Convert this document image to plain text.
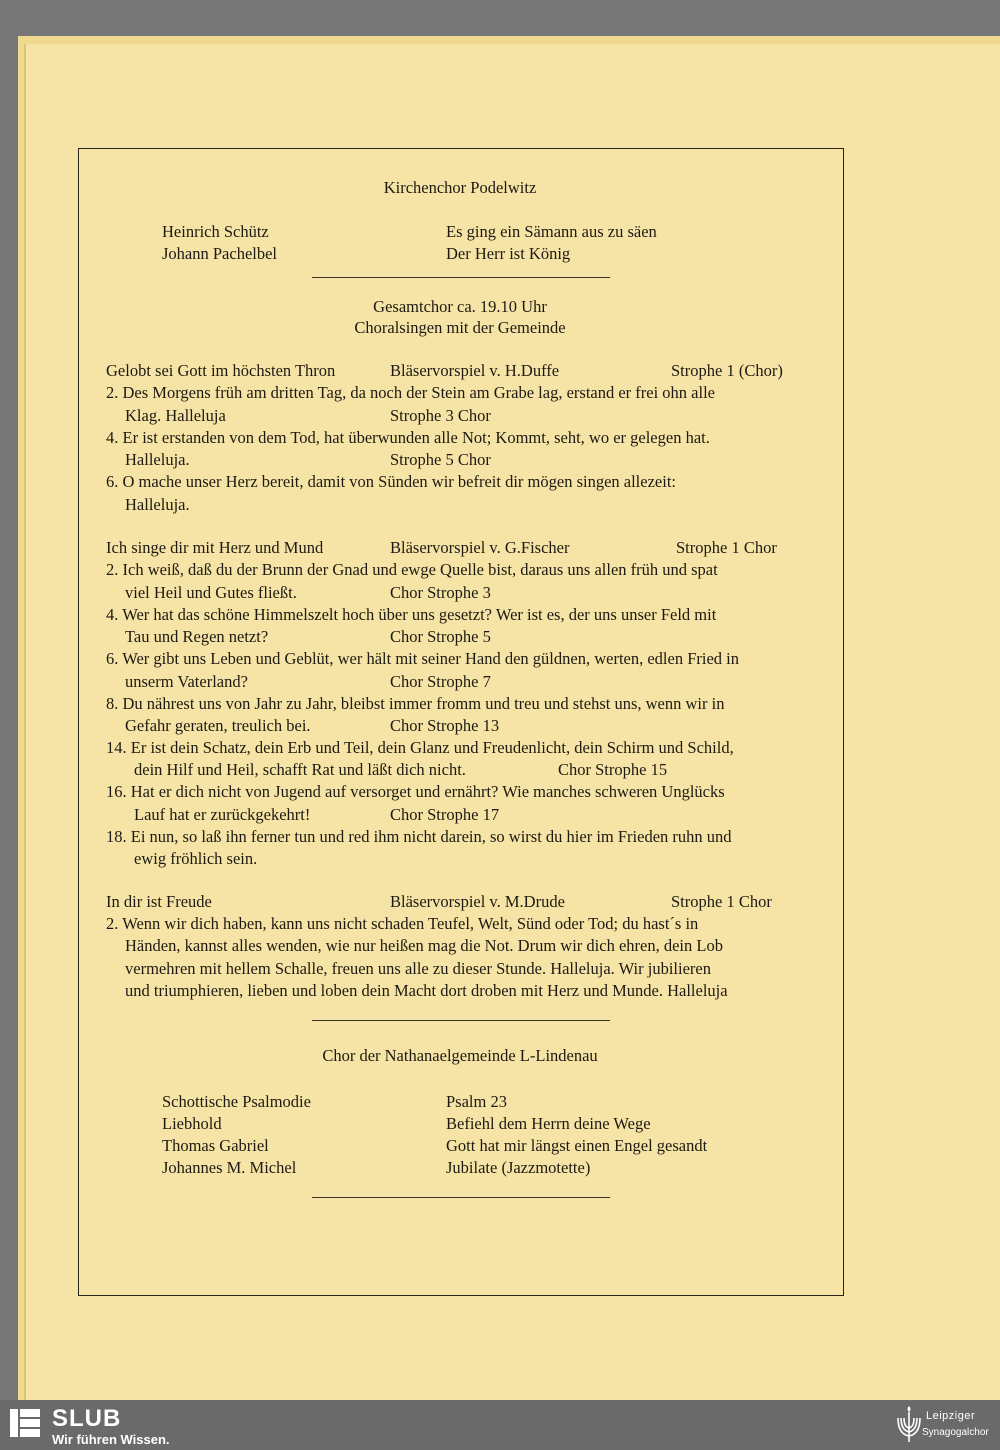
Kirchenchor Podelwitz
Heinrich Schütz	Es ging ein Sämann aus zu säen
Johann Pachelbel	Der Herr ist König
Gesamtchor ca. 19.10 Uhr
Choralsingen mit der Gemeinde
Gelobt sei Gott im höchsten Thron	Bläservorspiel v. H.Duffe	Strophe 1 (Chor)
2. Des Morgens früh am dritten Tag, da noch der Stein am Grabe lag, erstand er frei ohn alle
Klag. Halleluja	Strophe 3 Chor
4. Er ist erstanden von dem Tod, hat überwunden alle Not; Kommt, seht, wo er gelegen hat.
Halleluja.	Strophe 5 Chor
6. O mache unser Herz bereit, damit von Sünden wir befreit dir mögen singen allezeit:
Halleluja.
Ich singe dir mit Herz und Mund	Bläservorspiel v. G.Fischer	Strophe 1 Chor
2. Ich weiß, daß du der Brunn der Gnad und ewge Quelle bist, daraus uns allen früh und spat
viel Heil und Gutes fließt.	Chor Strophe 3
4. Wer hat das schöne Himmelszelt hoch über uns gesetzt? Wer ist es, der uns unser Feld mit
Tau und Regen netzt?	Chor Strophe 5
6. Wer gibt uns Leben und Geblüt, wer hält mit seiner Hand den güldnen, werten, edlen Fried in
unserm Vaterland?	Chor Strophe 7
8. Du nährest uns von Jahr zu Jahr, bleibst immer fromm und treu und stehst uns, wenn wir in
Gefahr geraten, treulich bei.	Chor Strophe 13
14. Er ist dein Schatz, dein Erb und Teil, dein Glanz und Freudenlicht, dein Schirm und Schild,
dein Hilf und Heil, schafft Rat und läßt dich nicht.	Chor Strophe 15
16. Hat er dich nicht von Jugend auf versorget und ernährt? Wie manches schweren Unglücks
Lauf hat er zurückgekehrt!	Chor Strophe 17
18. Ei nun, so laß ihn ferner tun und red ihm nicht darein, so wirst du hier im Frieden ruhn und
ewig fröhlich sein.
In dir ist Freude	Bläservorspiel v. M.Drude	Strophe 1 Chor
2. Wenn wir dich haben, kann uns nicht schaden Teufel, Welt, Sünd oder Tod; du hast´s in
Händen, kannst alles wenden, wie nur heißen mag die Not. Drum wir dich ehren, dein Lob
vermehren mit hellem Schalle, freuen uns alle zu dieser Stunde. Halleluja. Wir jubilieren
und triumphieren, lieben und loben dein Macht dort droben mit Herz und Munde. Halleluja
Chor der Nathanaelgemeinde L-Lindenau
Schottische Psalmodie	Psalm 23
Liebhold	Befiehl dem Herrn deine Wege
Thomas Gabriel	Gott hat mir längst einen Engel gesandt
Johannes M. Michel	Jubilate (Jazzmotette)
SLUB
Wir führen Wissen.
Leipziger
Synagogalchor
